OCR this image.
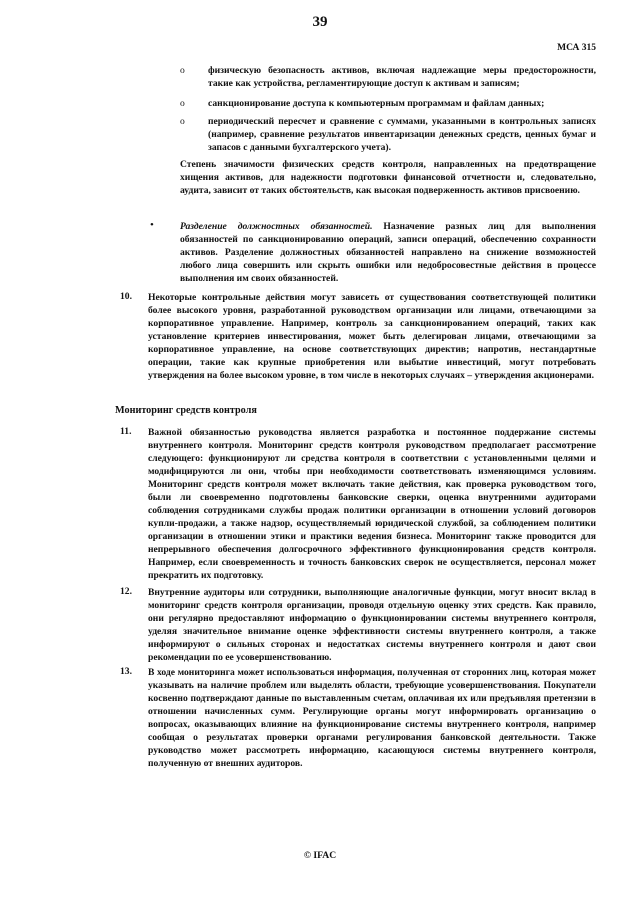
39
МСА 315
o физическую безопасность активов, включая надлежащие меры предосторожности, такие как устройства, регламентирующие доступ к активам и записям;
o санкционирование доступа к компьютерным программам и файлам данных;
o периодический пересчет и сравнение с суммами, указанными в контрольных записях (например, сравнение результатов инвентаризации денежных средств, ценных бумаг и запасов с данными бухгалтерского учета).
Степень значимости физических средств контроля, направленных на предотвращение хищения активов, для надежности подготовки финансовой отчетности и, следовательно, аудита, зависит от таких обстоятельств, как высокая подверженность активов присвоению.
•	Разделение должностных обязанностей. Назначение разных лиц для выполнения обязанностей по санкционированию операций, записи операций, обеспечению сохранности активов. Разделение должностных обязанностей направлено на снижение возможностей любого лица совершить или скрыть ошибки или недобросовестные действия в процессе выполнения им своих обязанностей.
10. Некоторые контрольные действия могут зависеть от существования соответствующей политики более высокого уровня, разработанной руководством организации или лицами, отвечающими за корпоративное управление. Например, контроль за санкционированием операций, таких как установление критериев инвестирования, может быть делегирован лицами, отвечающими за корпоративное управление, на основе соответствующих директив; напротив, нестандартные операции, такие как крупные приобретения или выбытие инвестиций, могут потребовать утверждения на более высоком уровне, в том числе в некоторых случаях – утверждения акционерами.
Мониторинг средств контроля
11. Важной обязанностью руководства является разработка и постоянное поддержание системы внутреннего контроля. Мониторинг средств контроля руководством предполагает рассмотрение следующего: функционируют ли средства контроля в соответствии с установленными целями и модифицируются ли они, чтобы при необходимости соответствовать изменяющимся условиям. Мониторинг средств контроля может включать такие действия, как проверка руководством того, были ли своевременно подготовлены банковские сверки, оценка внутренними аудиторами соблюдения сотрудниками службы продаж политики организации в отношении условий договоров купли-продажи, а также надзор, осуществляемый юридической службой, за соблюдением политики организации в отношении этики и практики ведения бизнеса. Мониторинг также проводится для непрерывного обеспечения долгосрочного эффективного функционирования средств контроля. Например, если своевременность и точность банковских сверок не осуществляется, персонал может прекратить их подготовку.
12. Внутренние аудиторы или сотрудники, выполняющие аналогичные функции, могут вносит вклад в мониторинг средств контроля организации, проводя отдельную оценку этих средств. Как правило, они регулярно предоставляют информацию о функционировании системы внутреннего контроля, уделяя значительное внимание оценке эффективности системы внутреннего контроля, а также информируют о сильных сторонах и недостатках системы внутреннего контроля и дают свои рекомендации по ее усовершенствованию.
13. В ходе мониторинга может использоваться информация, полученная от сторонних лиц, которая может указывать на наличие проблем или выделять области, требующие усовершенствования. Покупатели косвенно подтверждают данные по выставленным счетам, оплачивая их или предъявляя претензии в отношении начисленных сумм. Регулирующие органы могут информировать организацию о вопросах, оказывающих влияние на функционирование системы внутреннего контроля, например сообщая о результатах проверки органами регулирования банковской деятельности. Также руководство может рассмотреть информацию, касающуюся системы внутреннего контроля, полученную от внешних аудиторов.
© IFAC
